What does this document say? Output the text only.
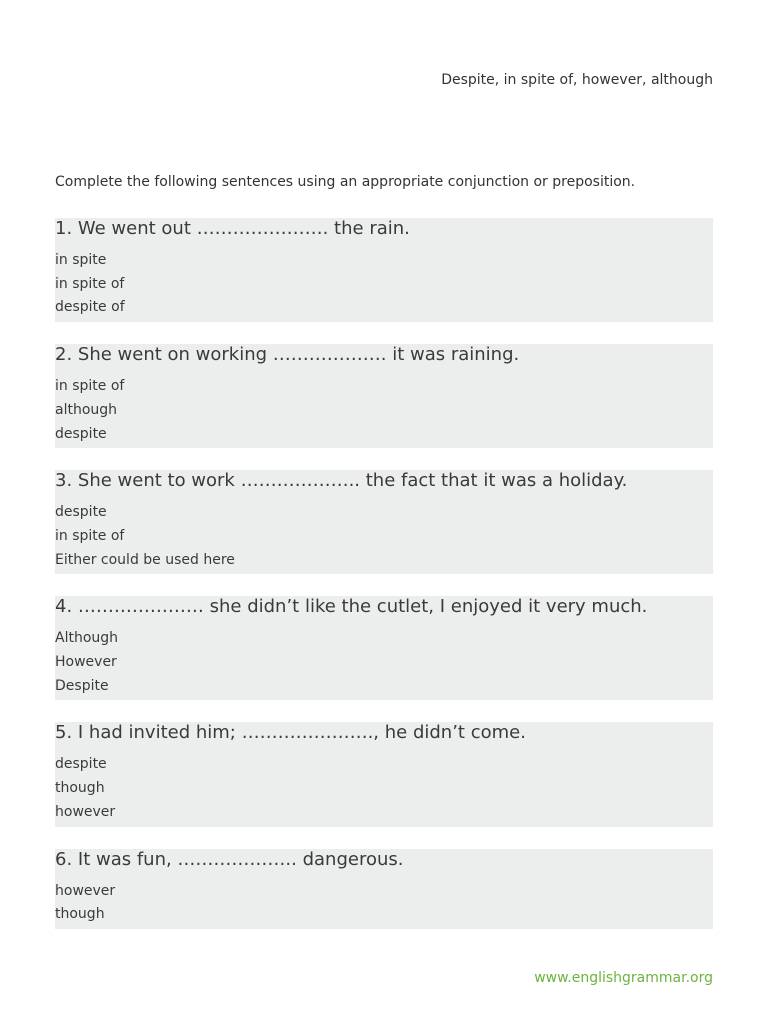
Despite, in spite of, however, although
Complete the following sentences using an appropriate conjunction or preposition.
1. We went out …………………. the rain.
in spite
in spite of
despite of
2. She went on working ………………. it was raining.
in spite of
although
despite
3. She went to work ……………….. the fact that it was a holiday.
despite
in spite of
Either could be used here
4. ………………… she didn’t like the cutlet, I enjoyed it very much.
Although
However
Despite
5. I had invited him; …………………., he didn’t come.
despite
though
however
6. It was fun, ……………….. dangerous.
however
though
www.englishgrammar.org
